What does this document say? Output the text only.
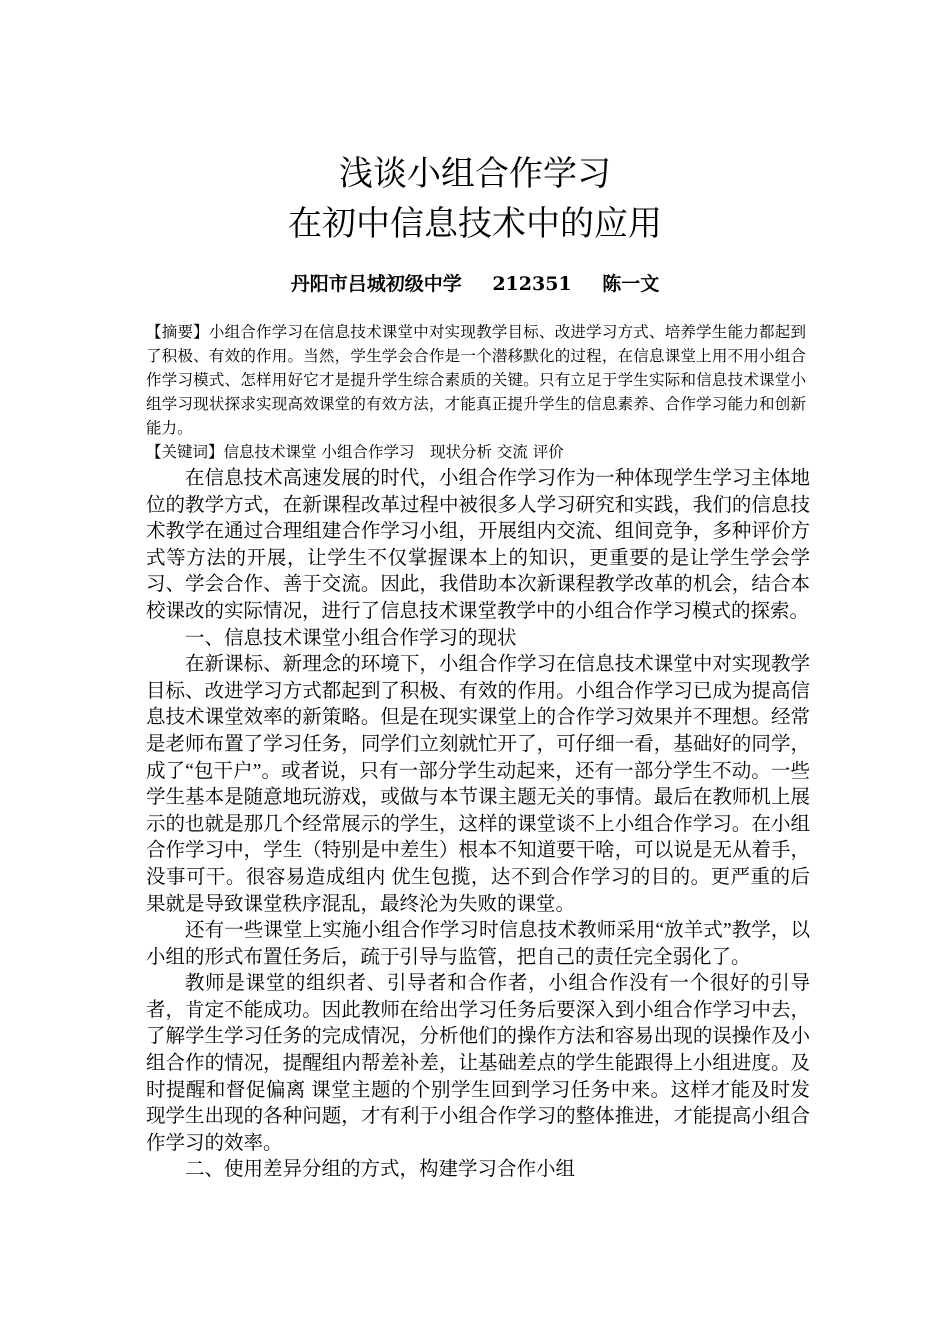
浅谈小组合作学习
在初中信息技术中的应用
丹阳市吕城初级中学 212351 陈一文
【摘要】小组合作学习在信息技术课堂中对实现教学目标、改进学习方式、培养学生能力都起到了积极、有效的作用。当然，学生学会合作是一个潜移默化的过程，在信息课堂上用不用小组合作学习模式、怎样用好它才是提升学生综合素质的关键。只有立足于学生实际和信息技术课堂小组学习现状探求实现高效课堂的有效方法，才能真正提升学生的信息素养、合作学习能力和创新能力。
【关键词】信息技术课堂 小组合作学习　现状分析 交流 评价

在信息技术高速发展的时代，小组合作学习作为一种体现学生学习主体地位的教学方式，在新课程改革过程中被很多人学习研究和实践，我们的信息技术教学在通过合理组建合作学习小组，开展组内交流、组间竞争，多种评价方式等方法的开展，让学生不仅掌握课本上的知识，更重要的是让学生学会学习、学会合作、善于交流。因此，我借助本次新课程教学改革的机会，结合本校课改的实际情况，进行了信息技术课堂教学中的小组合作学习模式的探索。

一、信息技术课堂小组合作学习的现状

在新课标、新理念的环境下，小组合作学习在信息技术课堂中对实现教学目标、改进学习方式都起到了积极、有效的作用。小组合作学习已成为提高信息技术课堂效率的新策略。但是在现实课堂上的合作学习效果并不理想。经常是老师布置了学习任务，同学们立刻就忙开了，可仔细一看，基础好的同学，成了“包干户”。或者说，只有一部分学生动起来，还有一部分学生不动。一些学生基本是随意地玩游戏，或做与本节课主题无关的事情。最后在教师机上展示的也就是那几个经常展示的学生，这样的课堂谈不上小组合作学习。在小组合作学习中，学生（特别是中差生）根本不知道要干啥，可以说是无从着手，没事可干。很容易造成组内 优生包揽，达不到合作学习的目的。更严重的后果就是导致课堂秩序混乱，最终沦为失败的课堂。

还有一些课堂上实施小组合作学习时信息技术教师采用“放羊式”教学，以小组的形式布置任务后，疏于引导与监管，把自己的责任完全弱化了。

教师是课堂的组织者、引导者和合作者，小组合作没有一个很好的引导者，肯定不能成功。因此教师在给出学习任务后要深入到小组合作学习中去，了解学生学习任务的完成情况，分析他们的操作方法和容易出现的误操作及小组合作的情况，提醒组内帮差补差，让基础差点的学生能跟得上小组进度。及时提醒和督促偏离 课堂主题的个别学生回到学习任务中来。这样才能及时发现学生出现的各种问题，才有利于小组合作学习的整体推进，才能提高小组合作学习的效率。

二、使用差异分组的方式，构建学习合作小组
